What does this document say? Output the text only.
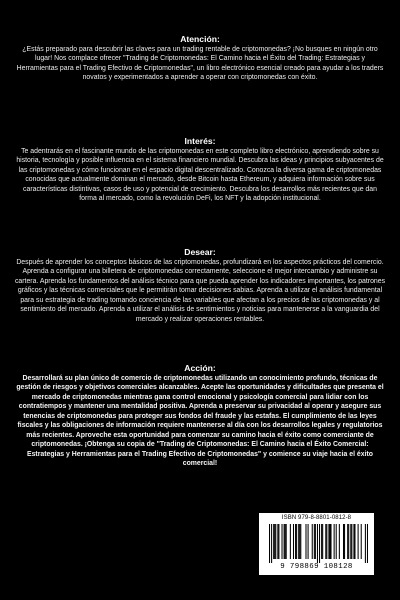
Atención:

¿Estás preparado para descubrir las claves para un trading rentable de criptomonedas? ¡No busques en ningún otro lugar! Nos complace ofrecer "Trading de Criptomonedas: El Camino hacia el Éxito del Trading: Estrategias y Herramientas para el Trading Efectivo de Criptomonedas", un libro electrónico esencial creado para ayudar a los traders novatos y experimentados a aprender a operar con criptomonedas con éxito.

Interés:

Te adentrarás en el fascinante mundo de las criptomonedas en este completo libro electrónico, aprendiendo sobre su historia, tecnología y posible influencia en el sistema financiero mundial. Descubra las ideas y principios subyacentes de las criptomonedas y cómo funcionan en el espacio digital descentralizado. Conozca la diversa gama de criptomonedas conocidas que actualmente dominan el mercado, desde Bitcoin hasta Ethereum, y adquiera información sobre sus características distintivas, casos de uso y potencial de crecimiento. Descubra los desarrollos más recientes que dan forma al mercado, como la revolución DeFi, los NFT y la adopción institucional.

Desear:

Después de aprender los conceptos básicos de las criptomonedas, profundizará en los aspectos prácticos del comercio. Aprenda a configurar una billetera de criptomonedas correctamente, seleccione el mejor intercambio y administre su cartera. Aprenda los fundamentos del análisis técnico para que pueda aprender los indicadores importantes, los patrones gráficos y las técnicas comerciales que le permitirán tomar decisiones sabias. Aprenda a utilizar el análisis fundamental para su estrategia de trading tomando conciencia de las variables que afectan a los precios de las criptomonedas y al sentimiento del mercado. Aprenda a utilizar el análisis de sentimientos y noticias para mantenerse a la vanguardia del mercado y realizar operaciones rentables.

Acción:

Desarrollará su plan único de comercio de criptomonedas utilizando un conocimiento profundo, técnicas de gestión de riesgos y objetivos comerciales alcanzables. Acepte las oportunidades y dificultades que presenta el mercado de criptomonedas mientras gana control emocional y psicología comercial para lidiar con los contratiempos y mantener una mentalidad positiva. Aprenda a preservar su privacidad al operar y asegure sus tenencias de criptomonedas para proteger sus fondos del fraude y las estafas. El cumplimiento de las leyes fiscales y las obligaciones de información requiere mantenerse al día con los desarrollos legales y regulatorios más recientes. Aproveche esta oportunidad para comenzar su camino hacia el éxito como comerciante de criptomonedas. ¡Obtenga su copia de "Trading de Criptomonedas: El Camino hacia el Éxito Comercial: Estrategias y Herramientas para el Trading Efectivo de Criptomonedas" y comience su viaje hacia el éxito comercial!

ISBN 979-8-8801-0812-8
9 798869 108128
